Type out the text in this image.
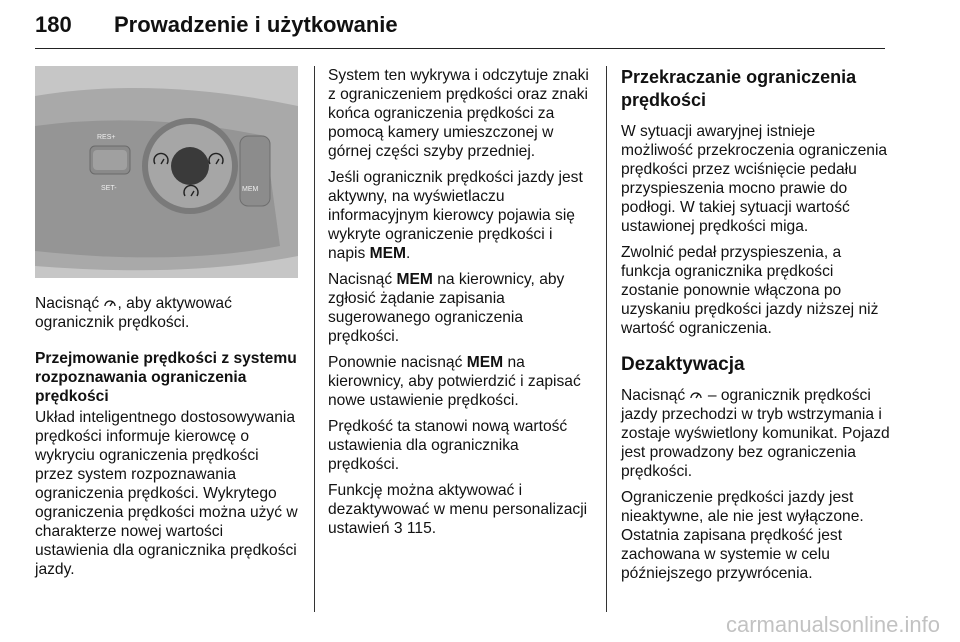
180 Prowadzenie i użytkowanie
RES+
SET-	MEM

Nacisnąć , aby aktywować ogranicznik prędkości.

Przejmowanie prędkości z systemu rozpoznawania ograniczenia prędkości

Układ inteligentnego dostosowywania prędkości informuje kierowcę o wykryciu ograniczenia prędkości przez system rozpoznawania ograniczenia prędkości. Wykrytego ograniczenia prędkości można użyć w charakterze nowej wartości ustawienia dla ogranicznika prędkości jazdy.

System ten wykrywa i odczytuje znaki z ograniczeniem prędkości oraz znaki końca ograniczenia prędkości za pomocą kamery umieszczonej w górnej części szyby przedniej.

Jeśli ogranicznik prędkości jazdy jest aktywny, na wyświetlaczu informacyjnym kierowcy pojawia się wykryte ograniczenie prędkości i napis MEM.

Nacisnąć MEM na kierownicy, aby zgłosić żądanie zapisania sugerowanego ograniczenia prędkości.

Ponownie nacisnąć MEM na kierownicy, aby potwierdzić i zapisać nowe ustawienie prędkości.

Prędkość ta stanowi nową wartość ustawienia dla ogranicznika prędkości.

Funkcję można aktywować i dezaktywować w menu personalizacji ustawień 3 115.

Przekraczanie ograniczenia prędkości

W sytuacji awaryjnej istnieje możliwość przekroczenia ograniczenia prędkości przez wciśnięcie pedału przyspieszenia mocno prawie do podłogi. W takiej sytuacji wartość ustawionej prędkości miga.

Zwolnić pedał przyspieszenia, a funkcja ogranicznika prędkości zostanie ponownie włączona po uzyskaniu prędkości jazdy niższej niż wartość ograniczenia.

Dezaktywacja

Nacisnąć – ogranicznik prędkości jazdy przechodzi w tryb wstrzymania i zostaje wyświetlony komunikat. Pojazd jest prowadzony bez ograniczenia prędkości.

Ograniczenie prędkości jazdy jest nieaktywne, ale nie jest wyłączone. Ostatnia zapisana prędkość jest zachowana w systemie w celu późniejszego przywrócenia.

carmanualsonline.info
